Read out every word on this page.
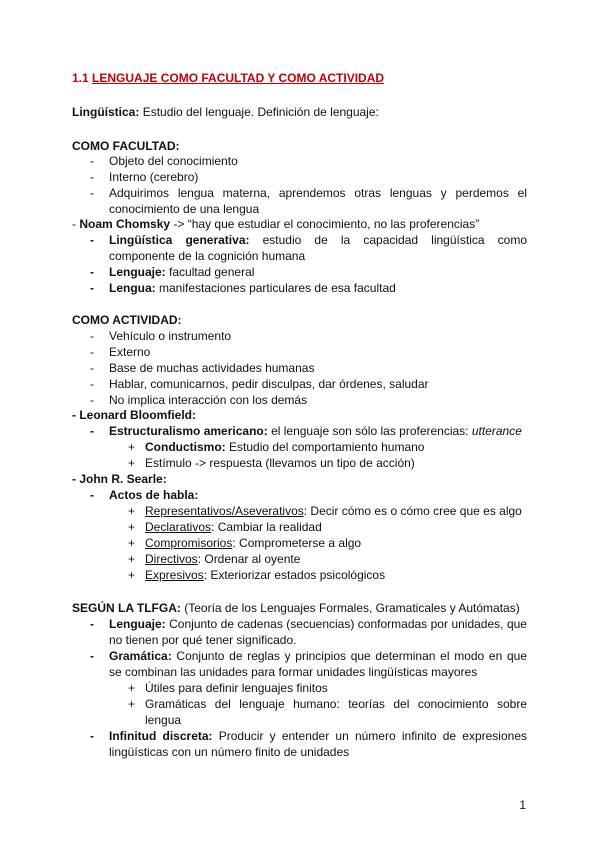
1.1 LENGUAJE COMO FACULTAD Y COMO ACTIVIDAD
Lingüística: Estudio del lenguaje. Definición de lenguaje:
COMO FACULTAD:
- Objeto del conocimiento
- Interno (cerebro)
- Adquirimos lengua materna, aprendemos otras lenguas y perdemos el conocimiento de una lengua
- Noam Chomsky -> “hay que estudiar el conocimiento, no las proferencias”
- Lingüística generativa: estudio de la capacidad lingüística como componente de la cognición humana
- Lenguaje: facultad general
- Lengua: manifestaciones particulares de esa facultad
COMO ACTIVIDAD:
- Vehículo o instrumento
- Externo
- Base de muchas actividades humanas
- Hablar, comunicarnos, pedir disculpas, dar órdenes, saludar
- No implica interacción con los demás
- Leonard Bloomfield:
- Estructuralismo americano: el lenguaje son sólo las proferencias: utterance
+ Conductismo: Estudio del comportamiento humano
+ Estímulo -> respuesta (llevamos un tipo de acción)
- John R. Searle:
- Actos de habla:
+ Representativos/Aseverativos: Decir cómo es o cómo cree que es algo
+ Declarativos: Cambiar la realidad
+ Compromisorios: Comprometerse a algo
+ Directivos: Ordenar al oyente
+ Expresivos: Exteriorizar estados psicológicos
SEGÚN LA TLFGA: (Teoría de los Lenguajes Formales, Gramaticales y Autómatas)
- Lenguaje: Conjunto de cadenas (secuencias) conformadas por unidades, que no tienen por qué tener significado.
- Gramática: Conjunto de reglas y principios que determinan el modo en que se combinan las unidades para formar unidades lingüísticas mayores
+ Útiles para definir lenguajes finitos
+ Gramáticas del lenguaje humano: teorías del conocimiento sobre lengua
- Infinitud discreta: Producir y entender un número infinito de expresiones lingüísticas con un número finito de unidades
1
